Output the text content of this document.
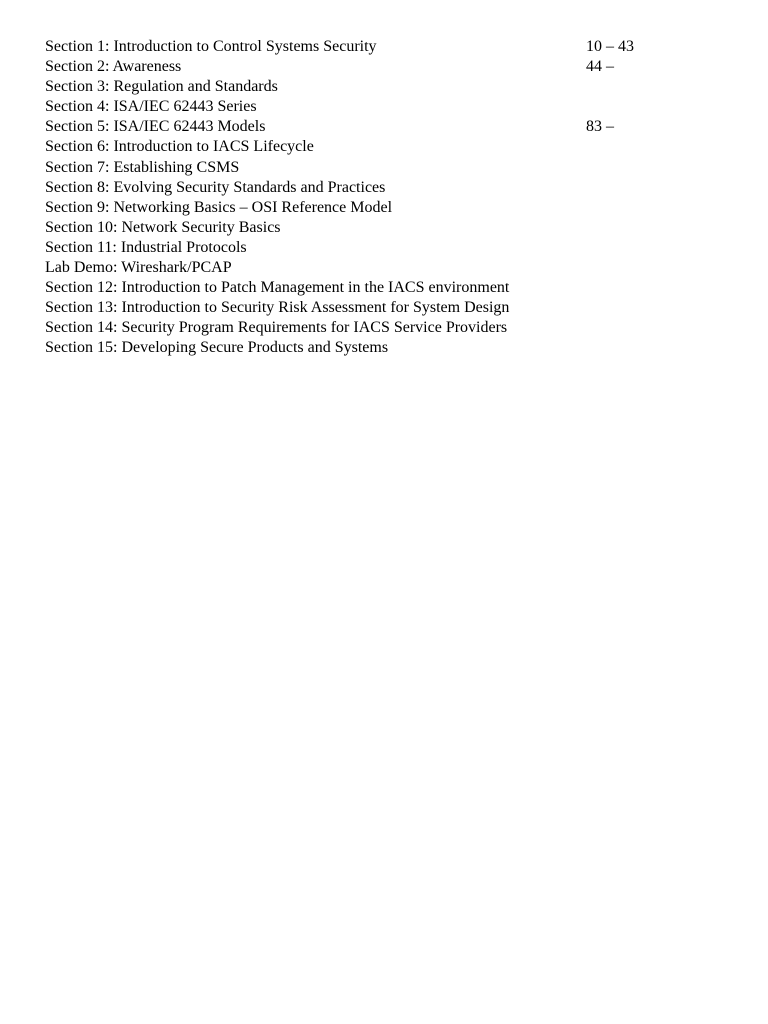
Section 1: Introduction to Control Systems Security	10 – 43
Section 2: Awareness	44 –
Section 3: Regulation and Standards
Section 4: ISA/IEC 62443 Series
Section 5: ISA/IEC 62443 Models	83 –
Section 6: Introduction to IACS Lifecycle
Section 7: Establishing CSMS
Section 8: Evolving Security Standards and Practices
Section 9: Networking Basics – OSI Reference Model
Section 10: Network Security Basics
Section 11: Industrial Protocols
Lab Demo: Wireshark/PCAP
Section 12: Introduction to Patch Management in the IACS environment
Section 13: Introduction to Security Risk Assessment for System Design
Section 14: Security Program Requirements for IACS Service Providers
Section 15: Developing Secure Products and Systems
